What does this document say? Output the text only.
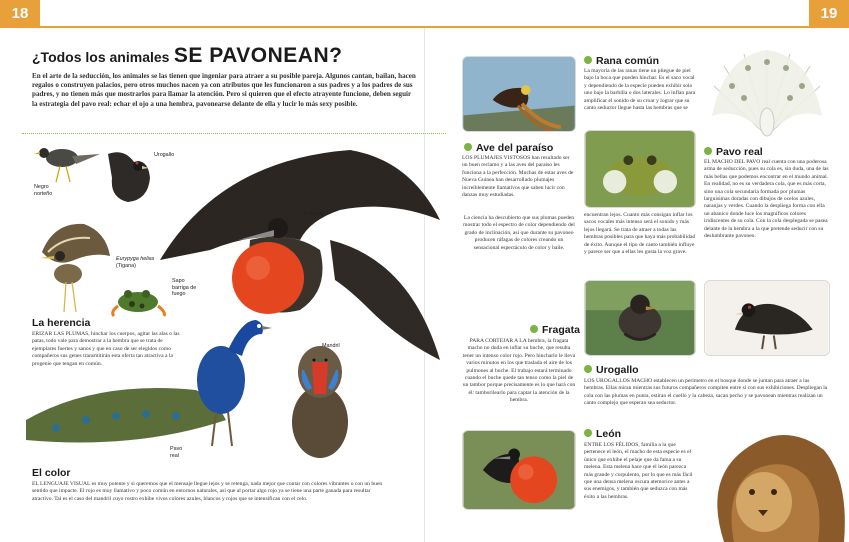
18	19
¿Todos los animales SE PAVONEAN?
En el arte de la seducción, los animales se las tienen que ingeniar para atraer a su posible pareja. Algunos cantan, bailan, hacen regalos o construyen palacios, pero otros muchos nacen ya con atributos que les funcionaron a sus padres y a los padres de sus padres, y no tienen más que mostrarlos para llamar la atención. Pero si quieren que el efecto atrayente funcione, deben seguir la estrategia del pavo real: echar el ojo a una hembra, pavonearse delante de ella y lucir lo más sexy posible.
Negro
norteño
Urogallo
Eurypyga helias
(Tigana)
Sapo
barriga de
fuego
Fragata
Pavo
real
Mandril
La herencia
ERIZAR LAS PLUMAS, hinchar los cuerpos, agitar las alas o las patas, todo vale para demostrar a la hembra que se trata de ejemplares fuertes y sanos y que en caso de ser elegidos como compañeros sus genes transmitirán esta oferta tan atractiva a la progenie que tengan en común.
El color
EL LENGUAJE VISUAL es muy potente y si queremos que el mensaje llegue lejos y se retenga, nada mejor que contar con colores vibrantes o con un buen sentido que impacte. El rojo es muy llamativo y poco común en entornos naturales, así que al portar algo rojo ya se tiene una parte ganada para resultar atractivo. Tal es el caso del mandril cuyo rostro exhibe vivos colores azules, blancos y rojos que se intensifican con el celo.
Ave del paraíso
LOS PLUMAJES VISTOSOS han resultado ser un buen reclamo y a las aves del paraíso les funciona a la perfección. Muchas de estas aves de Nueva Guinea han desarrollado plumajes increíblemente llamativos que saben lucir con danzas muy estudiadas.
La ciencia ha descubierto que sus plumas pueden mostrar todo el espectro de color dependiendo del grado de inclinación, así que durante su pavoneo producen ráfagas de colores creando un sensacional espectáculo de color y baile.
Rana común
La mayoría de las ranas tiene un pliegue de piel bajo la boca que pueden hinchar. Es el saco vocal y dependiendo de la especie pueden exhibir solo uno bajo la barbilla o dos laterales. Lo inflan para amplificar el sonido de su croar y lograr que su canto seductor llegue hasta las hembras que se
encuentran lejos. Cuanto más consigan inflar los sacos vocales más intenso será el sonido y más lejos llegará. Se trata de atraer a todas las hembras posibles para que haya más probabilidad de éxito. Aunque el tipo de canto también influye y parece ser que a ellas les gusta la voz grave.
Pavo real
EL MACHO DEL PAVO real cuenta con una poderosa arma de seducción, pues su cola es, sin duda, una de las más bellas que podemos encontrar en el mundo animal. En realidad, no es su verdadera cola, que es más corta, sino una cola secundaria formada por plumas larguísimas doradas con dibujos de ocelos azules, naranjas y verdes. Cuando la despliega forma con ella un abanico donde luce los magníficos colores iridiscentes de su cola. Con la cola desplegada se pasea delante de la hembra a la que pretende seducir con su deslumbrante pavoneo.
Fragata
PARA CORTEJAR A LA hembra, la fragata macho no duda en inflar su buche, que resulta tener un intenso color rojo. Pero hincharlo le lleva varios minutos en los que traslada el aire de los pulmones al buche. El trabajo estará terminado cuando el buche quede tan tenso como la piel de un tambor porque precisamente es lo que hará con él: tamborilearlo para captar la atención de la hembra.
Urogallo
LOS UROGALLOS MACHO establecen un perímetro en el bosque donde se juntan para atraer a las hembras. Ellas miran mientras sus futuros compañeros compiten entre sí con sus exhibiciones. Despliegan la cola con las plumas en punta, estiran el cuello y la cabeza, sacan pecho y se pavonean mientras realizan un canto complejo que esperan sea seductor.
León
ENTRE LOS FÉLIDOS, familia a la que pertenece el león, el macho de esta especie es el único que exhibe el pelaje que da fama a su melena. Esta melena hace que el león parezca más grande y corpulento, por lo que es más fácil que una densa melena oscura atemorice antes a sus enemigos, y también que seduzca con más éxito a las hembras.
